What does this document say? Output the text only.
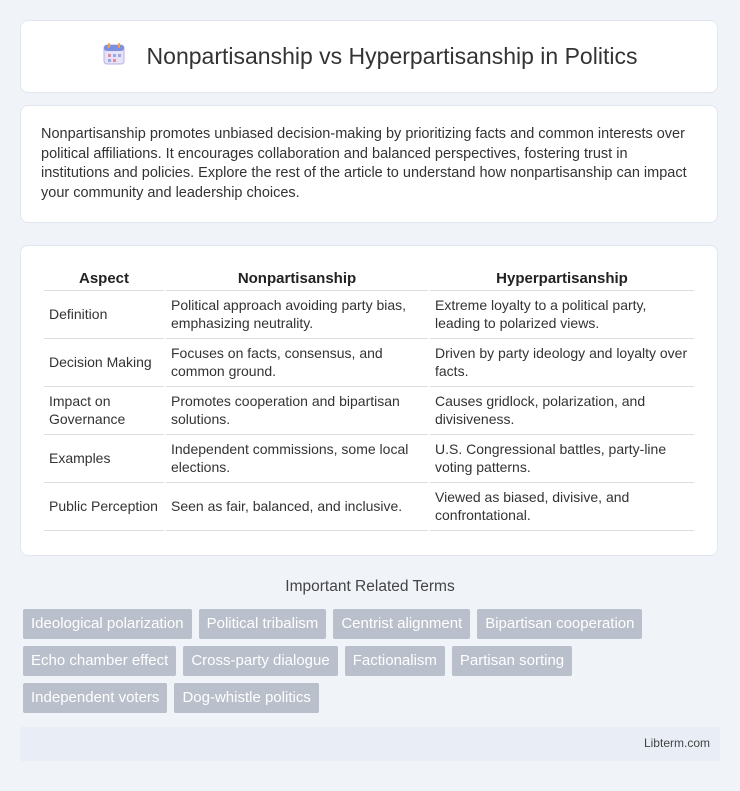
Nonpartisanship vs Hyperpartisanship in Politics
Nonpartisanship promotes unbiased decision-making by prioritizing facts and common interests over political affiliations. It encourages collaboration and balanced perspectives, fostering trust in institutions and policies. Explore the rest of the article to understand how nonpartisanship can impact your community and leadership choices.
Aspect	Nonpartisanship	Hyperpartisanship
Definition	Political approach avoiding party bias, emphasizing neutrality.	Extreme loyalty to a political party, leading to polarized views.
Decision Making	Focuses on facts, consensus, and common ground.	Driven by party ideology and loyalty over facts.
Impact on Governance	Promotes cooperation and bipartisan solutions.	Causes gridlock, polarization, and divisiveness.
Examples	Independent commissions, some local elections.	U.S. Congressional battles, party-line voting patterns.
Public Perception	Seen as fair, balanced, and inclusive.	Viewed as biased, divisive, and confrontational.
Important Related Terms
Ideological polarization	Political tribalism	Centrist alignment	Bipartisan cooperation
Echo chamber effect	Cross-party dialogue	Factionalism	Partisan sorting
Independent voters	Dog-whistle politics
Libterm.com
